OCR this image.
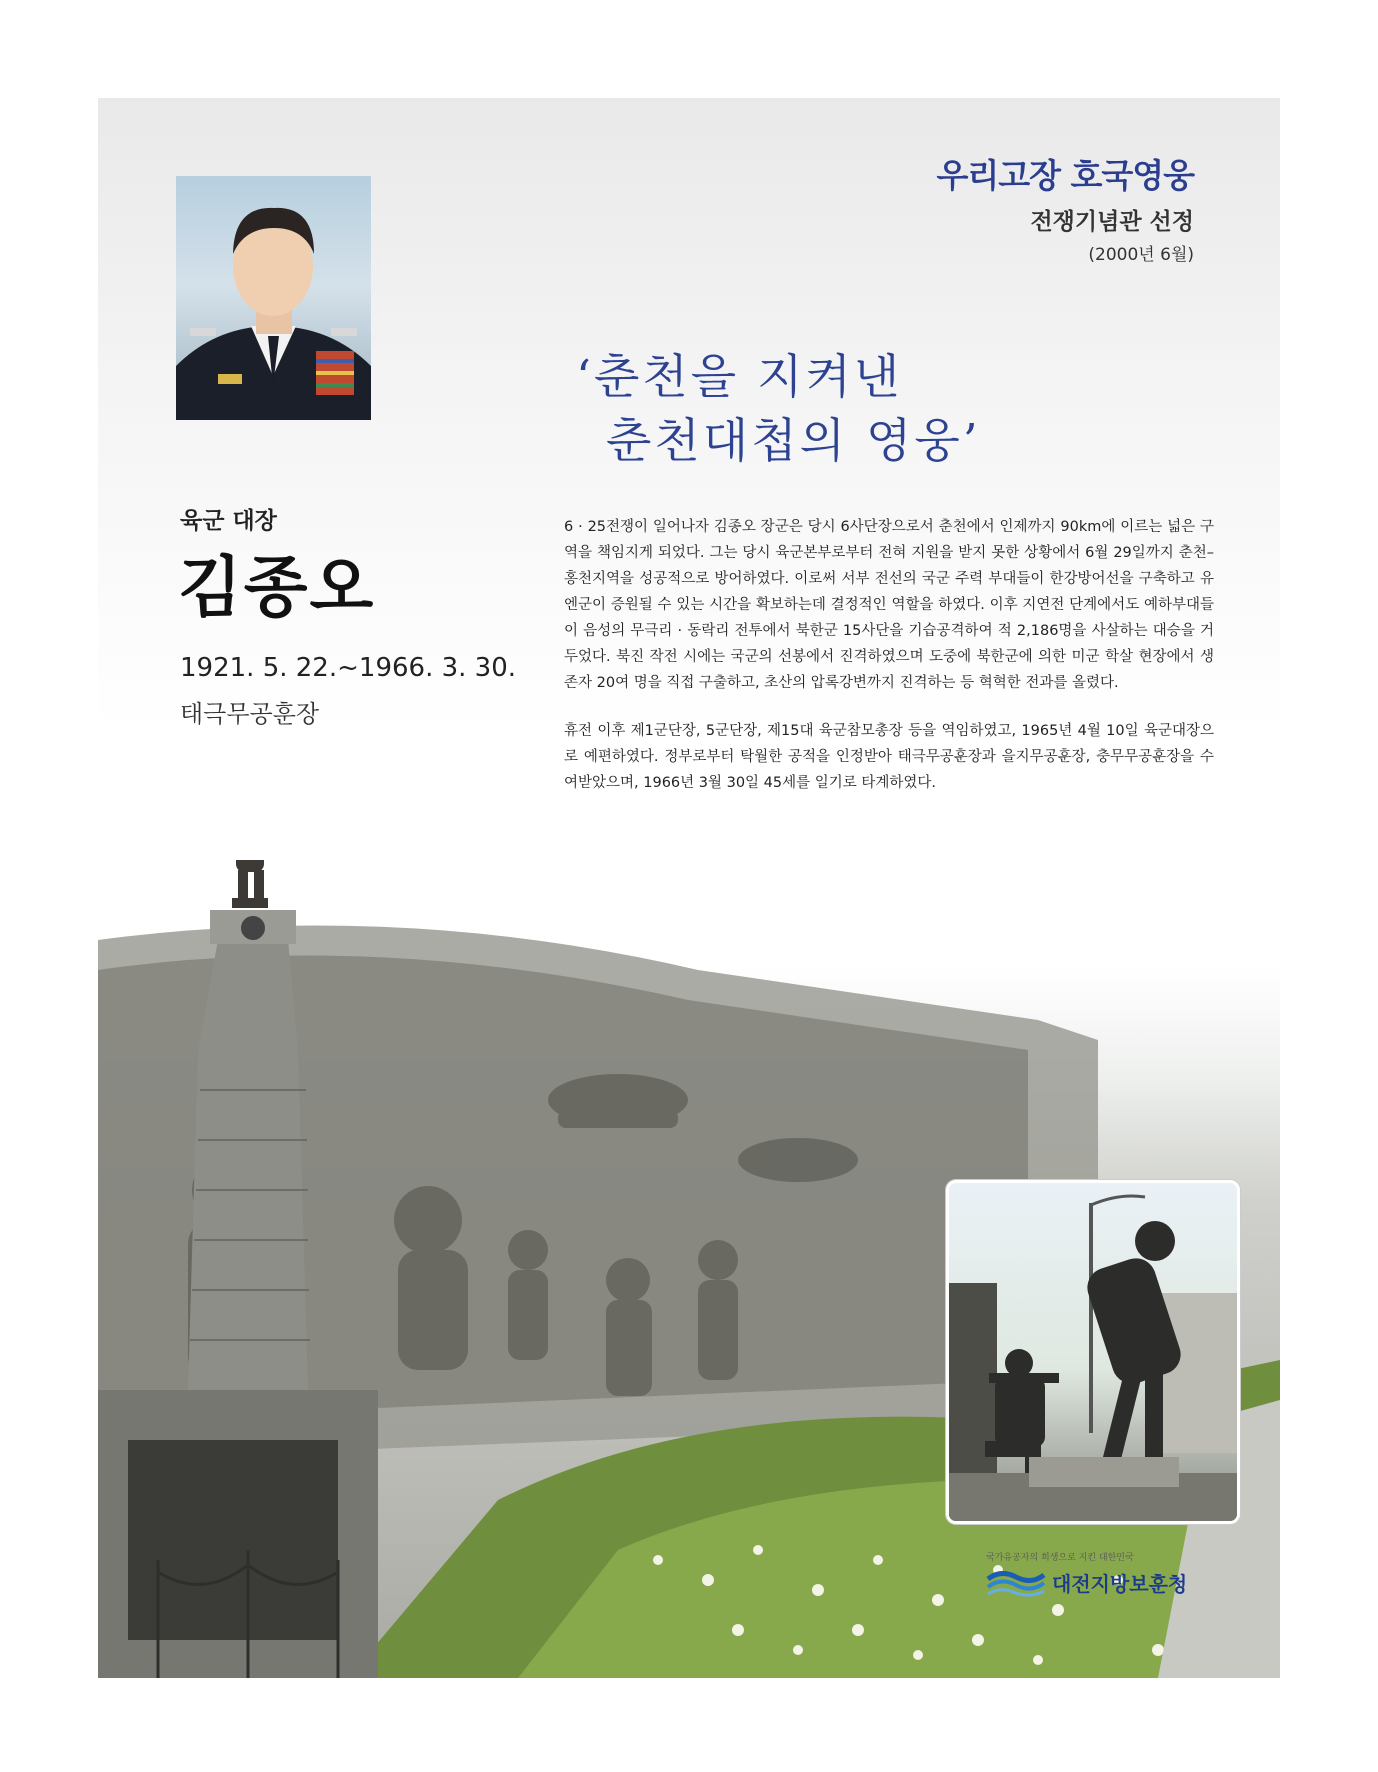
우리고장 호국영웅
전쟁기념관 선정
(2000년 6월)
‘춘천을 지켜낸
춘천대첩의 영웅’
육군 대장
김종오
1921. 5. 22.~1966. 3. 30.
태극무공훈장

6 · 25전쟁이 일어나자 김종오 장군은 당시 6사단장으로서 춘천에서 인제까지 90km에 이르는 넓은 구역을 책임지게 되었다. 그는 당시 육군본부로부터 전혀 지원을 받지 못한 상황에서 6월 29일까지 춘천–홍천지역을 성공적으로 방어하였다. 이로써 서부 전선의 국군 주력 부대들이 한강방어선을 구축하고 유엔군이 증원될 수 있는 시간을 확보하는데 결정적인 역할을 하였다. 이후 지연전 단계에서도 예하부대들이 음성의 무극리 · 동락리 전투에서 북한군 15사단을 기습공격하여 적 2,186명을 사살하는 대승을 거두었다. 북진 작전 시에는 국군의 선봉에서 진격하였으며 도중에 북한군에 의한 미군 학살 현장에서 생존자 20여 명을 직접 구출하고, 초산의 압록강변까지 진격하는 등 혁혁한 전과를 올렸다.

휴전 이후 제1군단장, 5군단장, 제15대 육군참모총장 등을 역임하였고, 1965년 4월 10일 육군대장으로 예편하였다. 정부로부터 탁월한 공적을 인정받아 태극무공훈장과 을지무공훈장, 충무무공훈장을 수여받았으며, 1966년 3월 30일 45세를 일기로 타계하였다.

국가유공자의 희생으로 지킨 대한민국
대전지방보훈청
